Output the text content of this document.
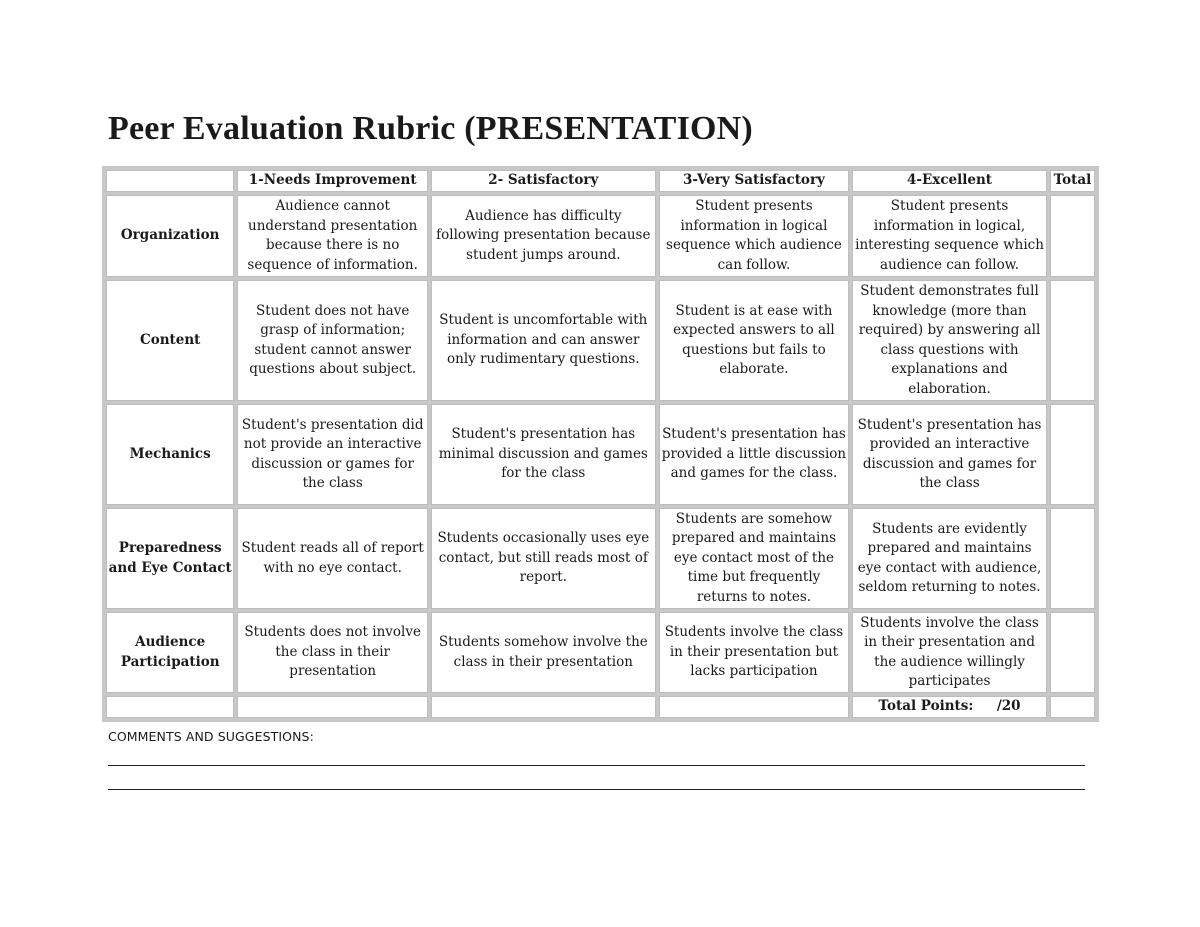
Peer Evaluation Rubric (PRESENTATION)
	1-Needs Improvement	2- Satisfactory	3-Very Satisfactory	4-Excellent	Total
Organization	Audience cannot understand presentation because there is no sequence of information.	Audience has difficulty following presentation because student jumps around.	Student presents information in logical sequence which audience can follow.	Student presents information in logical, interesting sequence which audience can follow.	
Content	Student does not have grasp of information; student cannot answer questions about subject.	Student is uncomfortable with information and can answer only rudimentary questions.	Student is at ease with expected answers to all questions but fails to elaborate.	Student demonstrates full knowledge (more than required) by answering all class questions with explanations and elaboration.	
Mechanics	Student's presentation did not provide an interactive discussion or games for the class	Student's presentation has minimal discussion and games for the class	Student's presentation has provided a little discussion and games for the class.	Student's presentation has provided an interactive discussion and games for the class	
Preparedness and Eye Contact	Student reads all of report with no eye contact.	Students occasionally uses eye contact, but still reads most of report.	Students are somehow prepared and maintains eye contact most of the time but frequently returns to notes.	Students are evidently prepared and maintains eye contact with audience, seldom returning to notes.	
Audience Participation	Students does not involve the class in their presentation	Students somehow involve the class in their presentation	Students involve the class in their presentation but lacks participation	Students involve the class in their presentation and the audience willingly participates	
				Total Points: /20	
COMMENTS AND SUGGESTIONS:
